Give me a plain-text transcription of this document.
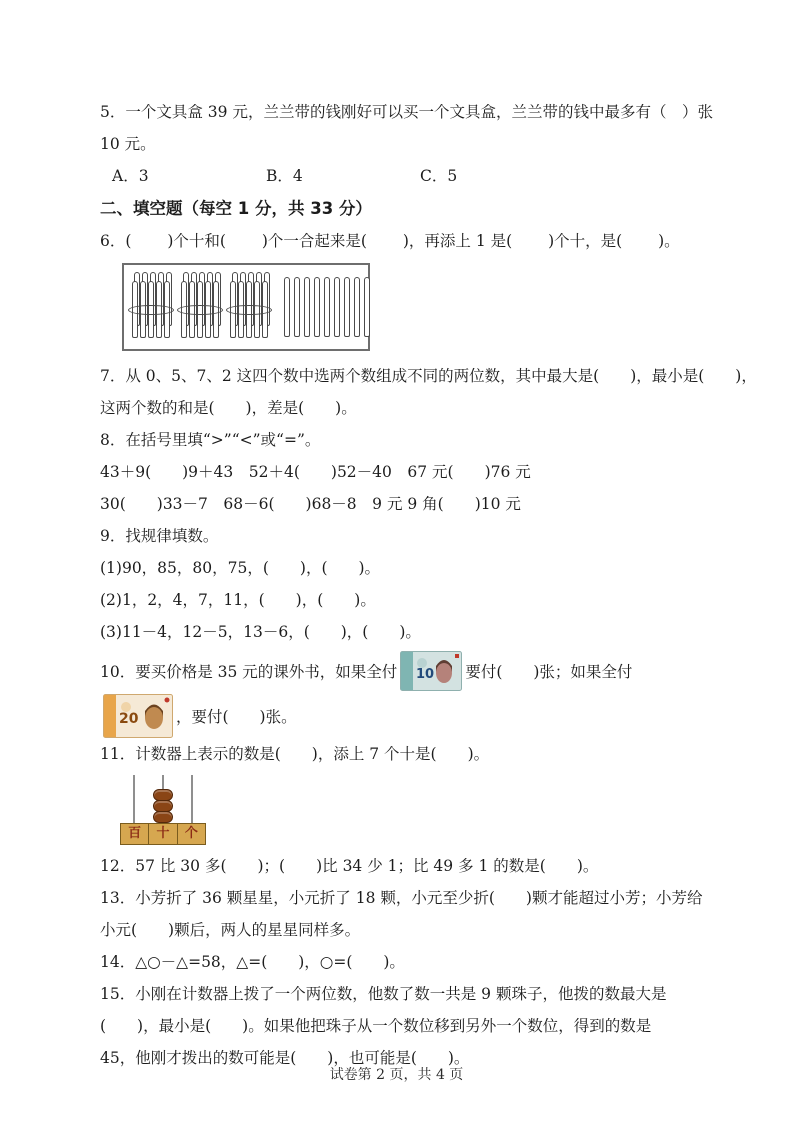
5．一个文具盒 39 元，兰兰带的钱刚好可以买一个文具盒，兰兰带的钱中最多有（　）张
10 元。
A．3	B．4	C．5
二、填空题（每空 1 分，共 33 分）
6．(　　 )个十和(　　 )个一合起来是(　　 )，再添上 1 是(　　 )个十，是(　　 )。
7．从 0、5、7、2 这四个数中选两个数组成不同的两位数，其中最大是(　　)，最小是(　　)，
这两个数的和是(　　)，差是(　　)。
8．在括号里填“>”“<”或“=”。
43＋9(　　)9＋43　52＋4(　　)52－40　67 元(　　)76 元
30(　　)33－7　68－6(　　)68－8　9 元 9 角(　　)10 元
9．找规律填数。
(1)90，85，80，75，(　　)，(　　)。
(2)1，2，4，7，11，(　　)，(　　)。
(3)11－4，12－5，13－6，(　　)，(　　)。
10．要买价格是 35 元的课外书，如果全付 10 要付(　　)张；如果全付
20 ，要付(　　)张。
11．计数器上表示的数是(　　)，添上 7 个十是(　　)。
百	十	个
12．57 比 30 多(　　)；(　　)比 34 少 1；比 49 多 1 的数是(　　)。
13．小芳折了 36 颗星星，小元折了 18 颗，小元至少折(　　)颗才能超过小芳；小芳给
小元(　　)颗后，两人的星星同样多。
14．△○－△=58，△=(　　)，○=(　　)。
15．小刚在计数器上拨了一个两位数，他数了数一共是 9 颗珠子，他拨的数最大是
(　　)，最小是(　　)。如果他把珠子从一个数位移到另外一个数位，得到的数是
45，他刚才拨出的数可能是(　　)，也可能是(　　)。
试卷第 2 页，共 4 页
